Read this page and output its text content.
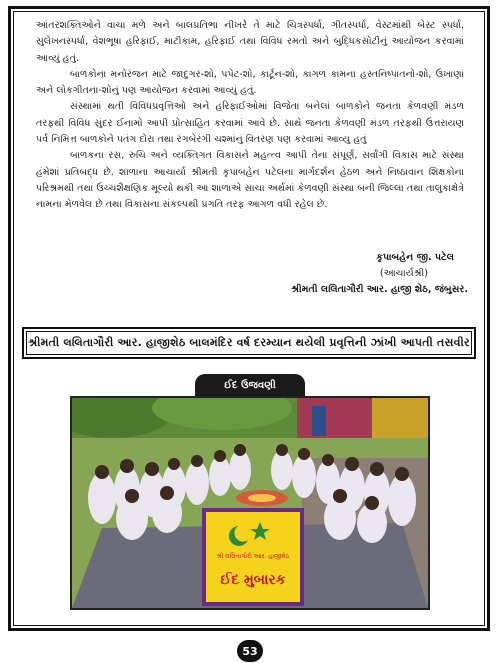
આંતરશક્તિઓને વાચા મળે અને બાલપ્રતિભા નીખરે તે માટે ચિત્રસ્પર્ધા, ગીતસ્પર્ધા, વેસ્ટમાંથી બેસ્ટ સ્પર્ધા, સુલેખનસ્પર્ધા, વેશભૂષા હરિફાઈ, માટીકામ, હરિફાઈ તથા વિવિધ રમતો અને બુદ્ધિકસોટીનું આયોજન કરવામાં આવ્યું હતું.

બાળકોના મનોરંજન માટે જાદુગર-શો, પપેટ-શો, કાર્ટૂન-શો, કાગળ કામના હસ્તનિષ્પાતનો-શો, ઉખાણાં અને લોકગીતના-શોનું પણ આયોજન કરવામાં આવ્યું હતું.

સંસ્થામાં થતી વિવિધપ્રવૃત્તિઓ અને હરિફાઈઓમાં વિજેતા બનેલાં બાળકોને જનતા કેળવણી મંડળ તરફથી વિવિધ સુંદર ઈનામો આપી પ્રોત્સાહિત કરવામાં આવે છે. સાથે જનતા કેળવણી મંડળ તરફથી ઉત્તરાયણ પર્વ નિમિત્ત બાળકોને પતંગ દોરા તથા રંગબેરંગી ચશ્માંનું વિતરણ પણ કરવામાં આવ્યુ હતું

બાળકના રસ, રુચિ અને વ્યક્તિગત વિકાસને મહત્ત્વ આપી તેના સંપૂર્ણ, સર્વાંગી વિકાસ માટે સંસ્થા હંમેશાં પ્રતિબદ્ધ છે. શાળાના આચાર્યા શ્રીમતી કૃપાબહેન પટેલના માર્ગદર્શન હેઠળ અને નિષ્ઠાવાન શિક્ષકોના પરિશ્રમથી તથા ઉચ્ચશૈક્ષણિક મૂલ્યો થકી આ શાળાએ સાચા અર્થમાં કેળવણી સંસ્થા બની જિલ્લા તથા તાલુકાક્ષેત્રે નામના મેળવેલ છે તથા વિકાસના સંકલ્પથી પ્રગતિ તરફ આગળ વધી રહેલ છે.

કૃપાબહેન જી. પટેલ
(આચાર્યશ્રી)
શ્રીમતી લલિતાગૌરી આર. હાજી શેઠ, જંબુસર.
શ્રીમતી લલિતાગૌરી આર. હાજીશેઠ બાલમંદિર વર્ષ દરમ્યાન થયેલી પ્રવૃત્તિની ઝાંખી આપતી તસવીર
ઈદ ઉજવણી
શ્રી લલિતાગૌરી આર. હાજીશેઠ
ઈદ મુબારક
53
